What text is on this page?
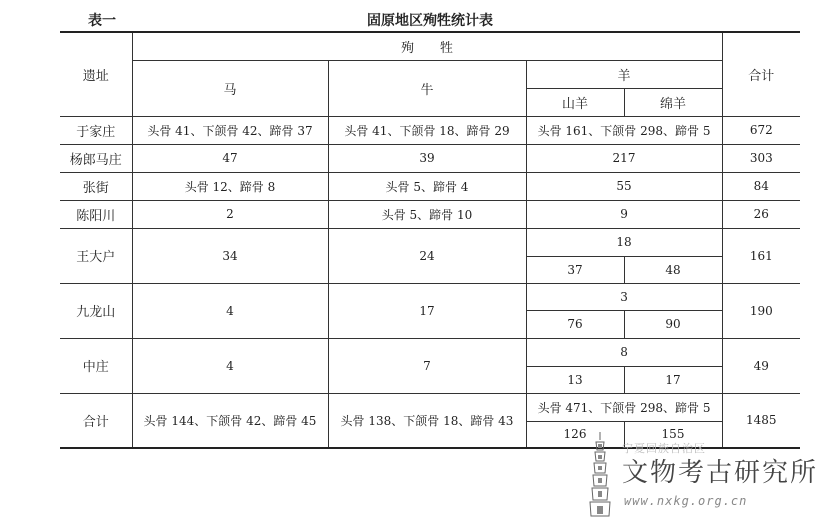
表一	固原地区殉牲统计表
遗址	殉　　牲				合计
	马	牛	羊		
			山羊	绵羊	
于家庄	头骨 41、下颌骨 42、蹄骨 37	头骨 41、下颌骨 18、蹄骨 29	头骨 161、下颌骨 298、蹄骨 5		672
杨郎马庄	47	39	217		303
张街	头骨 12、蹄骨 8	头骨 5、蹄骨 4	55		84
陈阳川	2	头骨 5、蹄骨 10	9		26
王大户	34	24	18		161
			37	48	
九龙山	4	17	3		190
			76	90	
中庄	4	7	8		49
			13	17	
合计	头骨 144、下颌骨 42、蹄骨 45	头骨 138、下颌骨 18、蹄骨 43	头骨 471、下颌骨 298、蹄骨 5		1485
			126	155	
宁夏回族自治区
文物考古研究所
www.nxkg.org.cn
